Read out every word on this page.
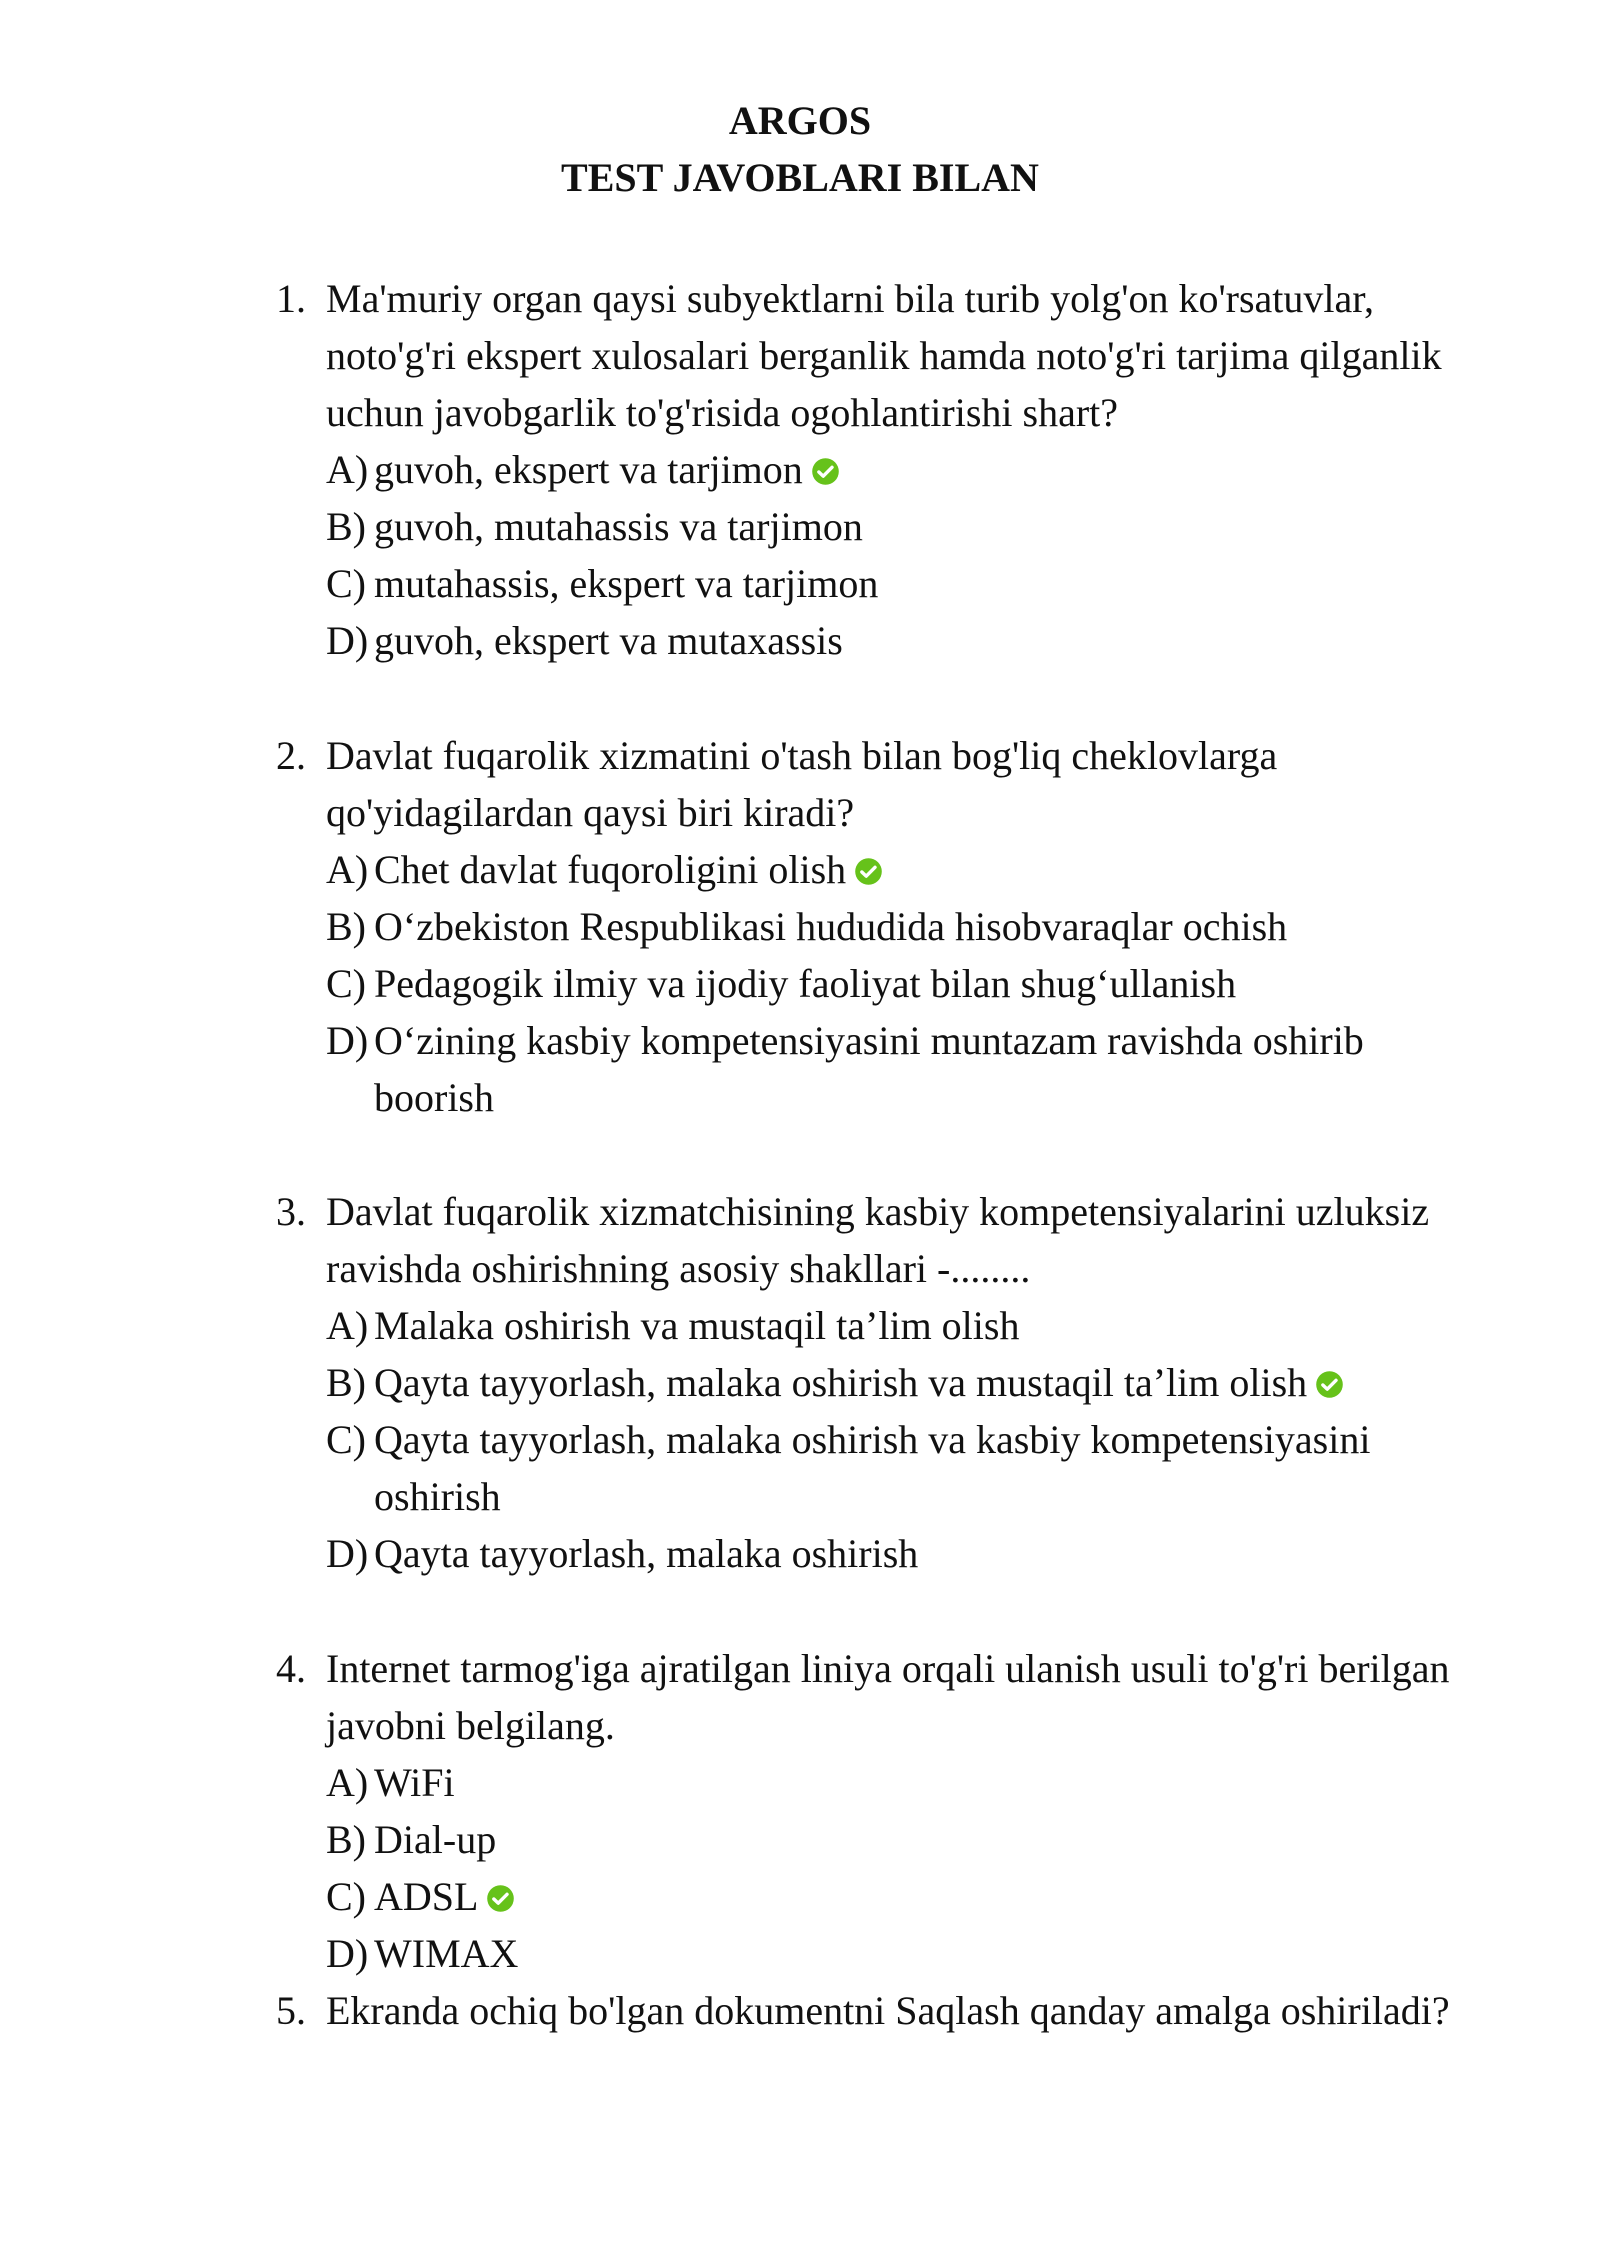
ARGOS
TEST JAVOBLARI BILAN
1. Ma'muriy organ qaysi subyektlarni bila turib yolg'on ko'rsatuvlar, noto'g'ri ekspert xulosalari berganlik hamda noto'g'ri tarjima qilganlik uchun javobgarlik to'g'risida ogohlantirishi shart?
A) guvoh, ekspert va tarjimon
B) guvoh, mutahassis va tarjimon
C) mutahassis, ekspert va tarjimon
D) guvoh, ekspert va mutaxassis
2. Davlat fuqarolik xizmatini o'tash bilan bog'liq cheklovlarga qo'yidagilardan qaysi biri kiradi?
A) Chet davlat fuqoroligini olish
B) O‘zbekiston Respublikasi hududida hisobvaraqlar ochish
C) Pedagogik ilmiy va ijodiy faoliyat bilan shug‘ullanish
D) O‘zining kasbiy kompetensiyasini muntazam ravishda oshirib boorish
3. Davlat fuqarolik xizmatchisining kasbiy kompetensiyalarini uzluksiz ravishda oshirishning asosiy shakllari -........
A) Malaka oshirish va mustaqil ta’lim olish
B) Qayta tayyorlash, malaka oshirish va mustaqil ta’lim olish
C) Qayta tayyorlash, malaka oshirish va kasbiy kompetensiyasini oshirish
D) Qayta tayyorlash, malaka oshirish
4. Internet tarmog'iga ajratilgan liniya orqali ulanish usuli to'g'ri berilgan javobni belgilang.
A) WiFi
B) Dial-up
C) ADSL
D) WIMAX
5. Ekranda ochiq bo'lgan dokumentni Saqlash qanday amalga oshiriladi?
